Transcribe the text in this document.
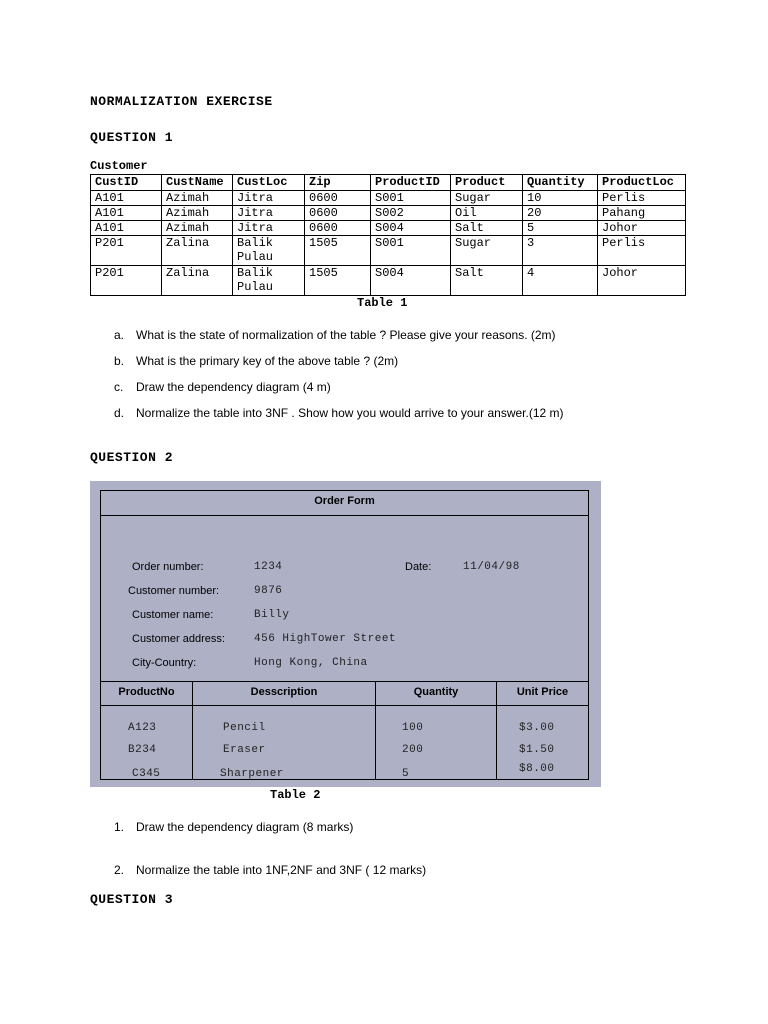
NORMALIZATION EXERCISE
QUESTION 1
Customer
CustID	CustName	CustLoc	Zip	ProductID	Product	Quantity	ProductLoc
A101	Azimah	Jitra	0600	S001	Sugar	10	Perlis
A101	Azimah	Jitra	0600	S002	Oil	20	Pahang
A101	Azimah	Jitra	0600	S004	Salt	5	Johor
P201	Zalina	Balik Pulau	1505	S001	Sugar	3	Perlis
P201	Zalina	Balik Pulau	1505	S004	Salt	4	Johor
Table 1
a. What is the state of normalization of the table ? Please give your reasons. (2m)
b. What is the primary key of the above table ? (2m)
c. Draw the dependency diagram (4 m)
d. Normalize the table into 3NF . Show how you would arrive to your answer.(12 m)
QUESTION 2
Order Form
Order number:	1234	Date:	11/04/98
Customer number:	9876
Customer name:	Billy
Customer address:	456 HighTower Street
City-Country:	Hong Kong, China
ProductNo	Desscription	Quantity	Unit Price
A123	Pencil	100	$3.00
B234	Eraser	200	$1.50
C345	Sharpener	5	$8.00
Table 2
1. Draw the dependency diagram (8 marks)
2. Normalize the table into 1NF,2NF and 3NF ( 12 marks)
QUESTION 3
